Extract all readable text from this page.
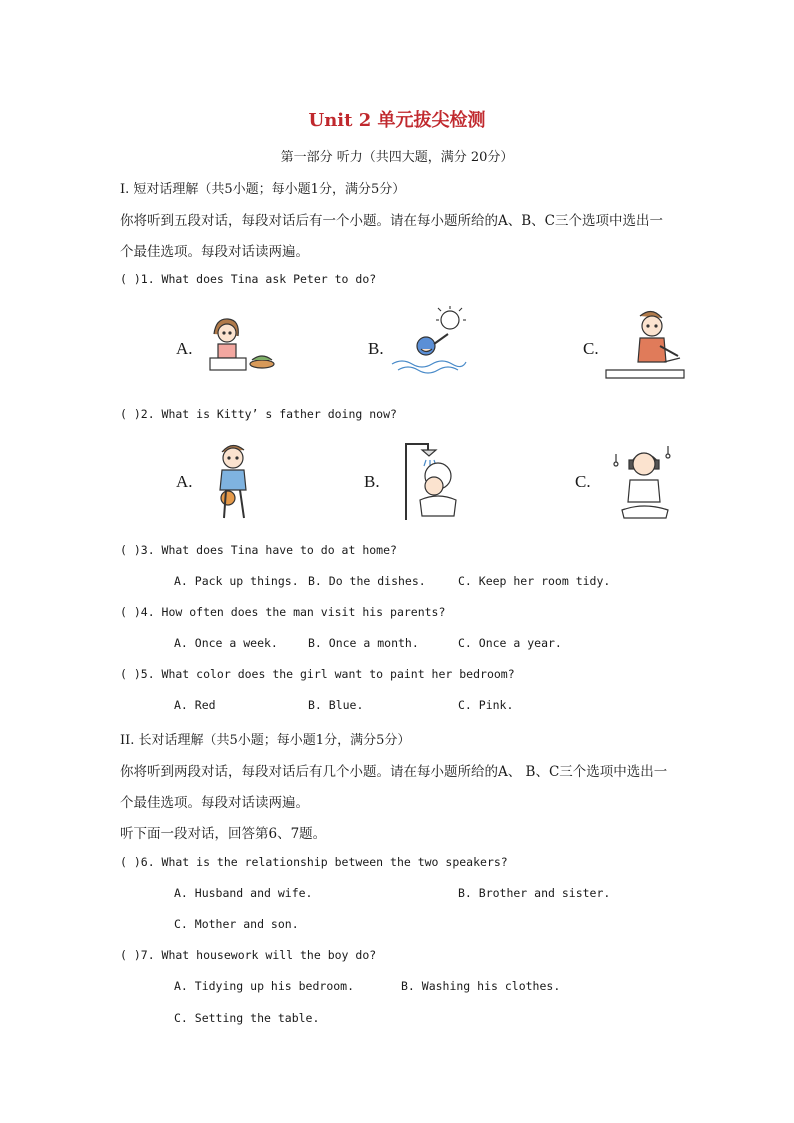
Unit 2 单元拔尖检测
第一部分 听力（共四大题，满分 20分）
I. 短对话理解（共5小题；每小题1分，满分5分）
你将听到五段对话，每段对话后有一个小题。请在每小题所给的A、B、C三个选项中选出一
个最佳选项。每段对话读两遍。
( )1. What does Tina ask Peter to do?
A.	B.	C.
( )2. What is Kitty’ s father doing now?
A.	B.	C.
( )3. What does Tina have to do at home?
A. Pack up things. B. Do the dishes.	C. Keep her room tidy.
( )4. How often does the man visit his parents?
A. Once a week.	B. Once a month.	C. Once a year.
( )5. What color does the girl want to paint her bedroom?
A. Red	B. Blue.	C. Pink.
II. 长对话理解（共5小题；每小题1分，满分5分）
你将听到两段对话，每段对话后有几个小题。请在每小题所给的A、 B、C三个选项中选出一
个最佳选项。每段对话读两遍。
听下面一段对话，回答第6、7题。
( )6. What is the relationship between the two speakers?
A. Husband and wife.	B. Brother and sister.
C. Mother and son.
( )7. What housework will the boy do?
A. Tidying up his bedroom.	B. Washing his clothes.
C. Setting the table.
